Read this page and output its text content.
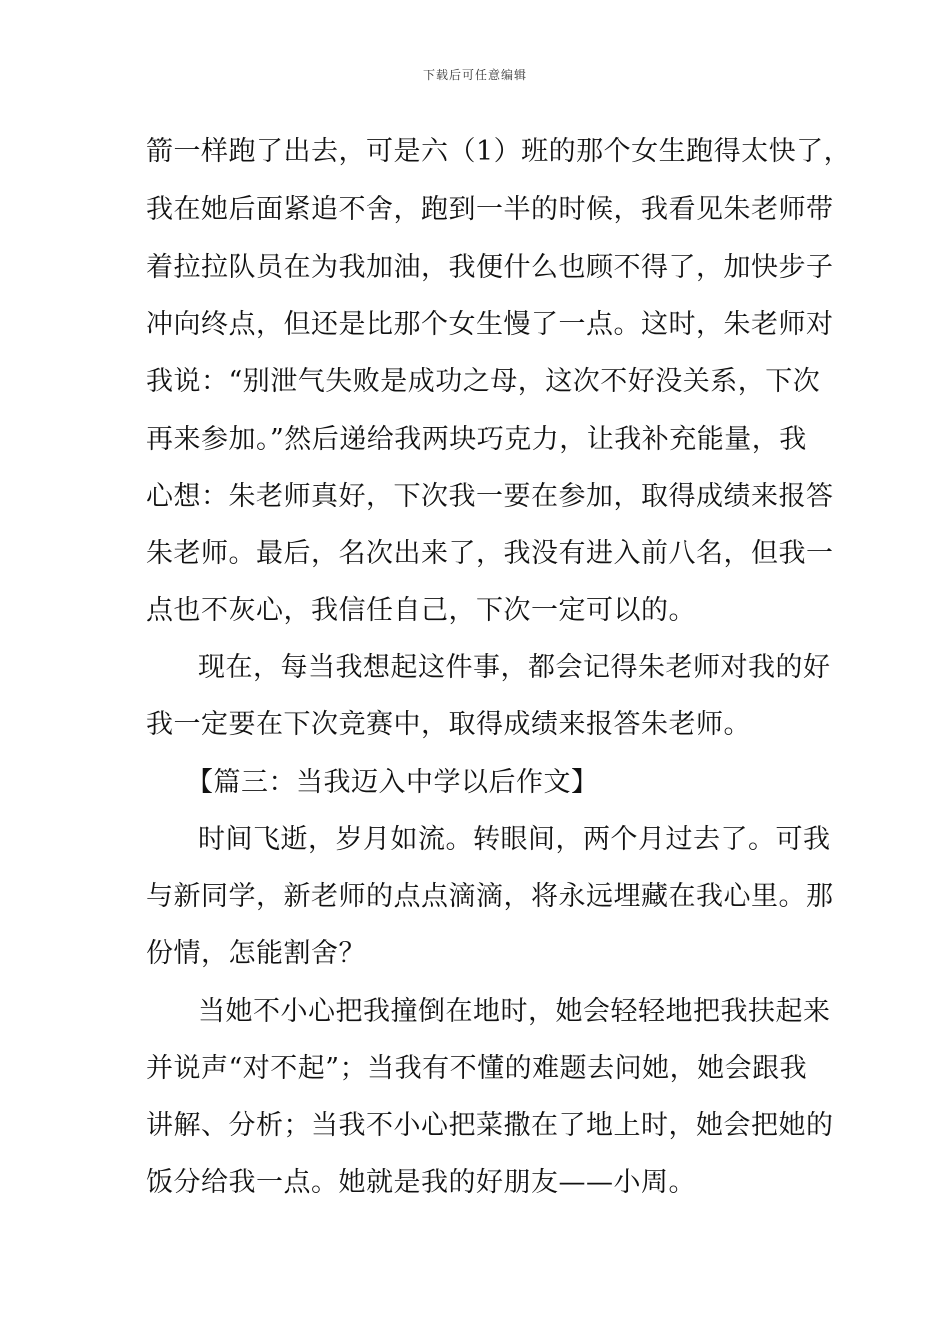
下载后可任意编辑
箭一样跑了出去，可是六（1）班的那个女生跑得太快了，
我在她后面紧追不舍，跑到一半的时候，我看见朱老师带
着拉拉队员在为我加油，我便什么也顾不得了，加快步子
冲向终点，但还是比那个女生慢了一点。这时，朱老师对
我说：“别泄气失败是成功之母，这次不好没关系，下次
再来参加。”然后递给我两块巧克力，让我补充能量，我
心想：朱老师真好，下次我一要在参加，取得成绩来报答
朱老师。最后，名次出来了，我没有进入前八名，但我一
点也不灰心，我信任自己，下次一定可以的。
现在，每当我想起这件事，都会记得朱老师对我的好
我一定要在下次竞赛中，取得成绩来报答朱老师。
【篇三：当我迈入中学以后作文】
时间飞逝，岁月如流。转眼间，两个月过去了。可我
与新同学，新老师的点点滴滴，将永远埋藏在我心里。那
份情，怎能割舍？
当她不小心把我撞倒在地时，她会轻轻地把我扶起来
并说声“对不起”；当我有不懂的难题去问她，她会跟我
讲解、分析；当我不小心把菜撒在了地上时，她会把她的
饭分给我一点。她就是我的好朋友——小周。
